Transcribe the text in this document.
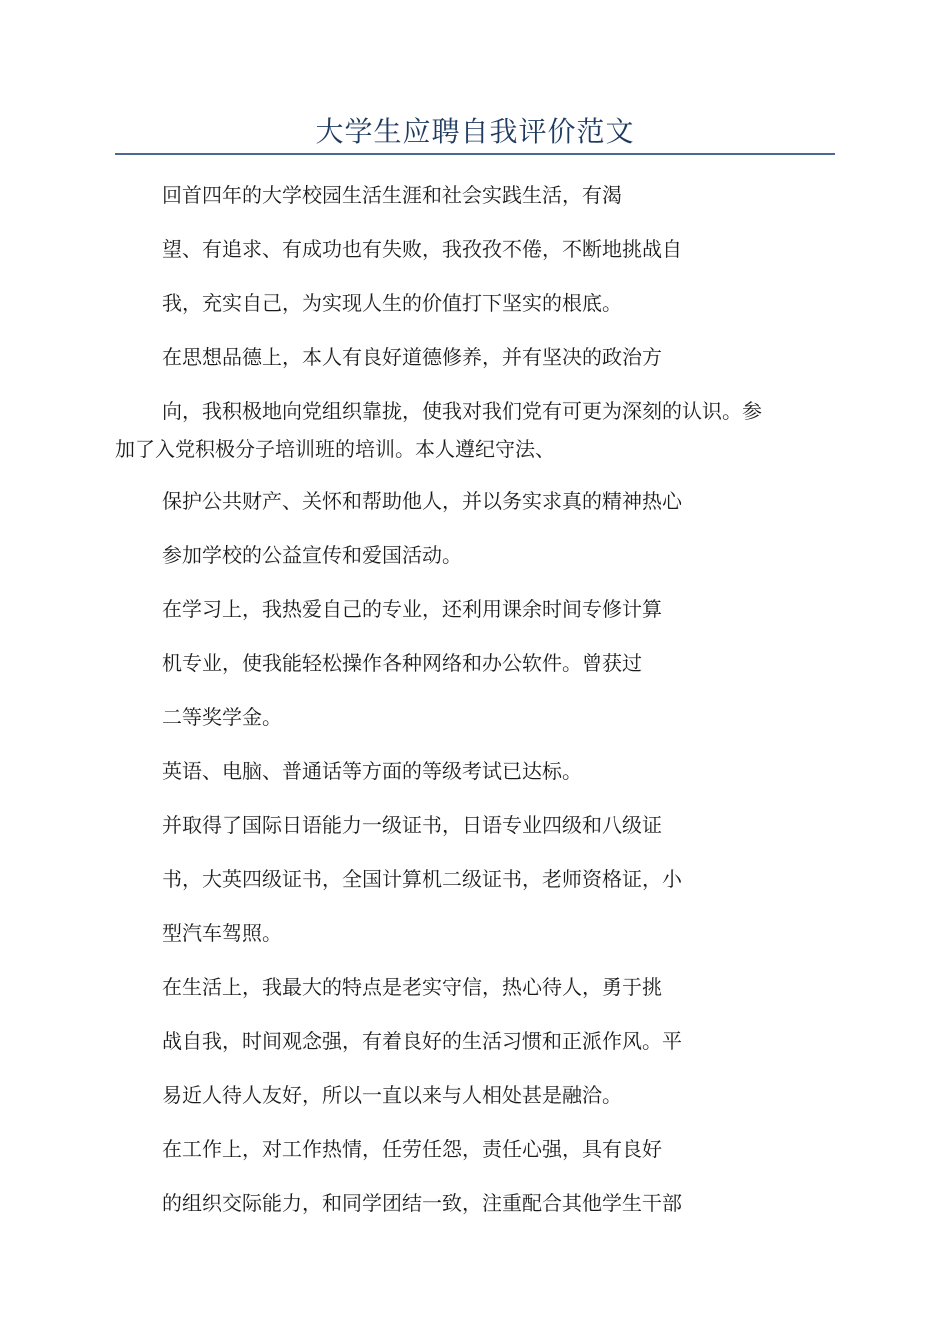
大学生应聘自我评价范文
回首四年的大学校园生活生涯和社会实践生活，有渴
望、有追求、有成功也有失败，我孜孜不倦，不断地挑战自
我，充实自己，为实现人生的价值打下坚实的根底。
在思想品德上，本人有良好道德修养，并有坚决的政治方
向，我积极地向党组织靠拢，使我对我们党有可更为深刻的认识。参
加了入党积极分子培训班的培训。本人遵纪守法、
保护公共财产、关怀和帮助他人，并以务实求真的精神热心
参加学校的公益宣传和爱国活动。
在学习上，我热爱自己的专业，还利用课余时间专修计算
机专业，使我能轻松操作各种网络和办公软件。曾获过
二等奖学金。
英语、电脑、普通话等方面的等级考试已达标。
并取得了国际日语能力一级证书，日语专业四级和八级证
书，大英四级证书，全国计算机二级证书，老师资格证，小
型汽车驾照。
在生活上，我最大的特点是老实守信，热心待人，勇于挑
战自我，时间观念强，有着良好的生活习惯和正派作风。平
易近人待人友好，所以一直以来与人相处甚是融洽。
在工作上，对工作热情，任劳任怨，责任心强，具有良好
的组织交际能力，和同学团结一致，注重配合其他学生干部
